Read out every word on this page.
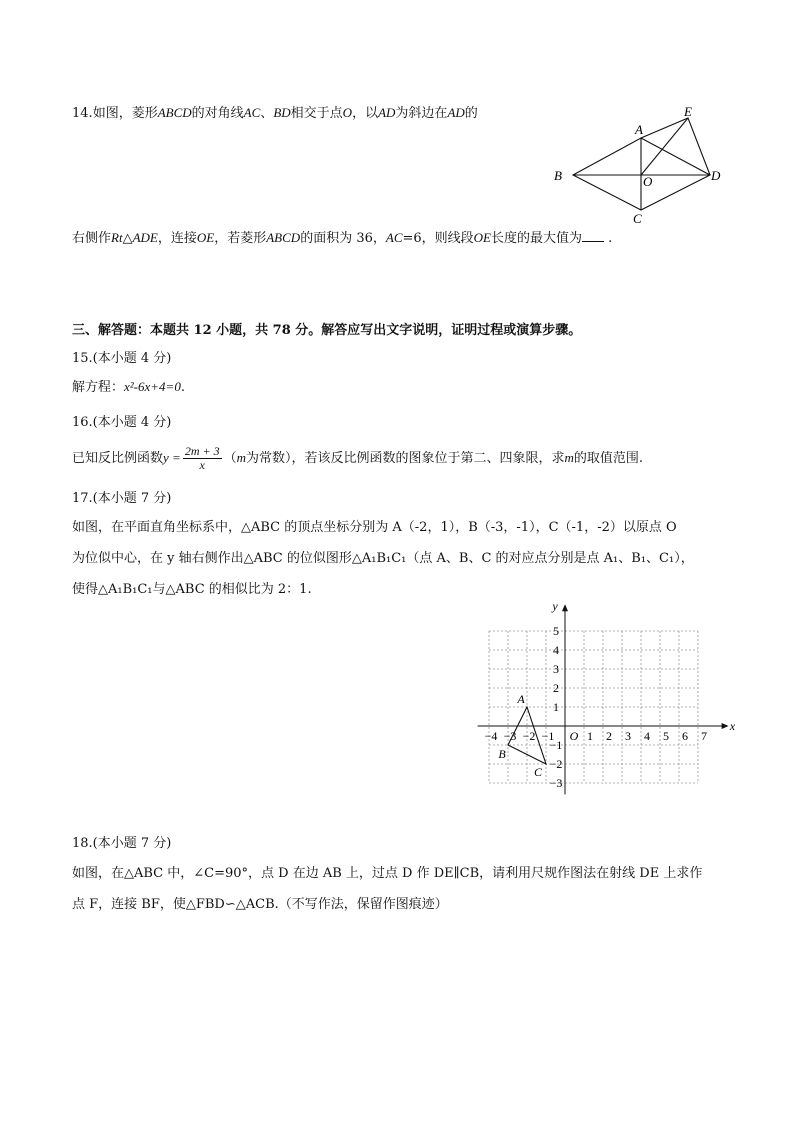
14.如图，菱形ABCD的对角线AC、BD相交于点O，以AD为斜边在AD的
A
E
B	O	D
C
右侧作Rt△ADE，连接OE，若菱形ABCD的面积为 36，AC=6，则线段OE长度的最大值为 .
三、解答题：本题共 12 小题，共 78 分。解答应写出文字说明，证明过程或演算步骤。
15.(本小题 4 分)
解方程：x²-6x+4=0.
16.(本小题 4 分)
已知反比例函数$y = \frac{2m + 3}{x} (m$为常数），若该反比例函数的图象位于第二、四象限，求m的取值范围.
17.(本小题 7 分)
如图，在平面直角坐标系中，△ABC 的顶点坐标分别为 A（-2，1），B（-3，-1），C（-1，-2）以原点 O
为位似中心，在 y 轴右侧作出△ABC 的位似图形△A₁B₁C₁（点 A、B、C 的对应点分别是点 A₁、B₁、C₁），
使得△A₁B₁C₁与△ABC 的相似比为 2：1.
x
y
O
−4 −3 −2 −1	1 2 3 4 5 6 7
5
4
3
2
1
−1
−2
−3
A
B
C
18.(本小题 7 分)
如图，在△ABC 中，∠C=90°，点 D 在边 AB 上，过点 D 作 DE∥CB，请利用尺规作图法在射线 DE 上求作
点 F，连接 BF，使△FBD∽△ACB.（不写作法，保留作图痕迹）
